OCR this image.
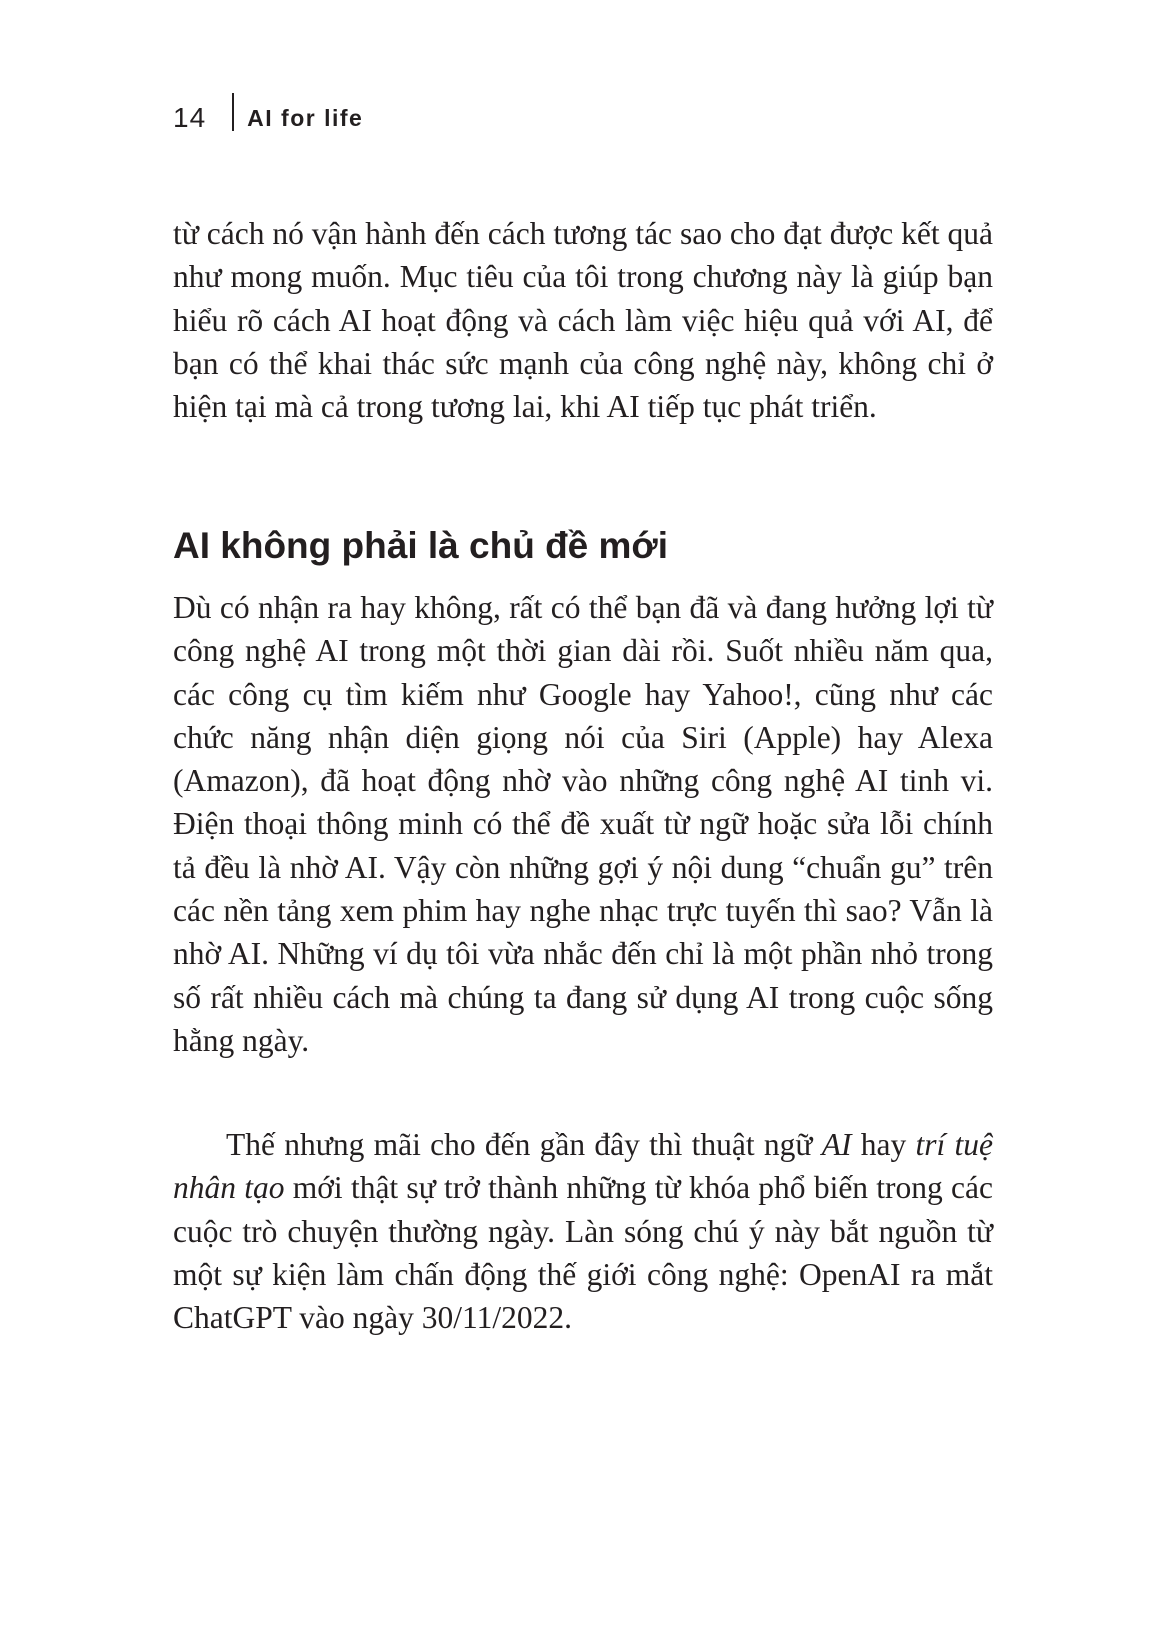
14 AI for life

từ cách nó vận hành đến cách tương tác sao cho đạt được kết quả như mong muốn. Mục tiêu của tôi trong chương này là giúp bạn hiểu rõ cách AI hoạt động và cách làm việc hiệu quả với AI, để bạn có thể khai thác sức mạnh của công nghệ này, không chỉ ở hiện tại mà cả trong tương lai, khi AI tiếp tục phát triển.

AI không phải là chủ đề mới

Dù có nhận ra hay không, rất có thể bạn đã và đang hưởng lợi từ công nghệ AI trong một thời gian dài rồi. Suốt nhiều năm qua, các công cụ tìm kiếm như Google hay Yahoo!, cũng như các chức năng nhận diện giọng nói của Siri (Apple) hay Alexa (Amazon), đã hoạt động nhờ vào những công nghệ AI tinh vi. Điện thoại thông minh có thể đề xuất từ ngữ hoặc sửa lỗi chính tả đều là nhờ AI. Vậy còn những gợi ý nội dung “chuẩn gu” trên các nền tảng xem phim hay nghe nhạc trực tuyến thì sao? Vẫn là nhờ AI. Những ví dụ tôi vừa nhắc đến chỉ là một phần nhỏ trong số rất nhiều cách mà chúng ta đang sử dụng AI trong cuộc sống hằng ngày.

Thế nhưng mãi cho đến gần đây thì thuật ngữ AI hay trí tuệ nhân tạo mới thật sự trở thành những từ khóa phổ biến trong các cuộc trò chuyện thường ngày. Làn sóng chú ý này bắt nguồn từ một sự kiện làm chấn động thế giới công nghệ: OpenAI ra mắt ChatGPT vào ngày 30/11/2022.
